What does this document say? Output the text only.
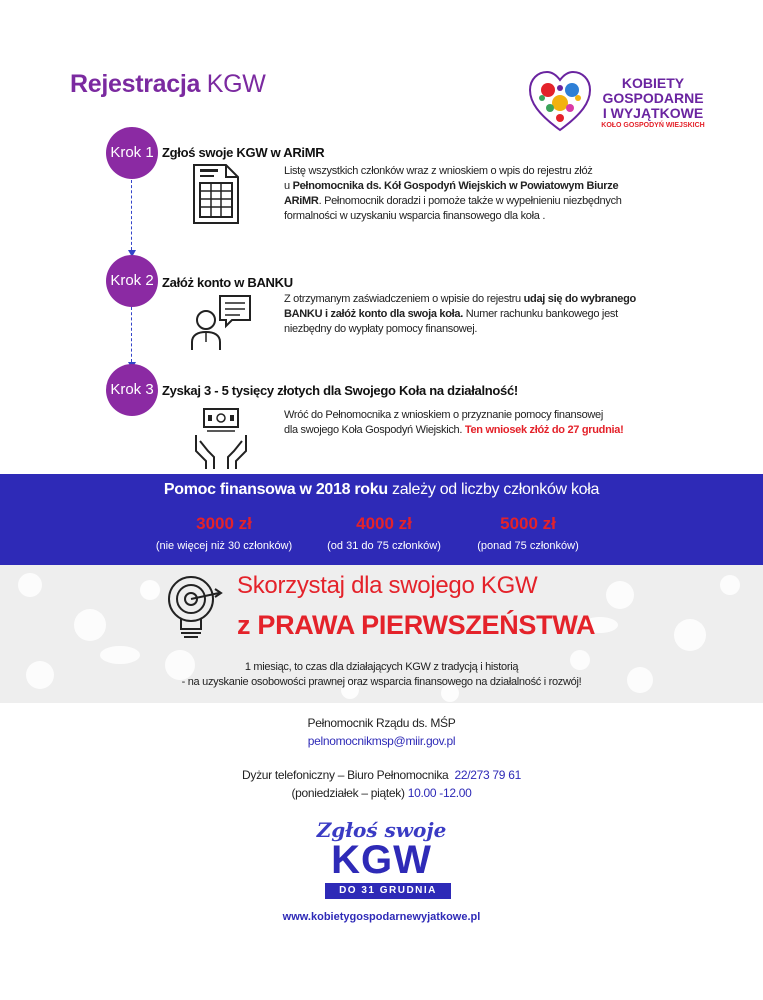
Rejestracja KGW	KOBIETY
GOSPODARNE
I WYJĄTKOWE
KOŁO GOSPODYŃ WIEJSKICH
Krok 1 Zgłoś swoje KGW w ARiMR
Listę wszystkich członków wraz z wnioskiem o wpis do rejestru złóż
u Pełnomocnika ds. Kół Gospodyń Wiejskich w Powiatowym Biurze
ARiMR. Pełnomocnik doradzi i pomoże także w wypełnieniu niezbędnych
formalności w uzyskaniu wsparcia finansowego dla koła .
Krok 2 Załóż konto w BANKU
Z otrzymanym zaświadczeniem o wpisie do rejestru udaj się do wybranego
BANKU i załóż konto dla swoja koła. Numer rachunku bankowego jest
niezbędny do wypłaty pomocy finansowej.
Krok 3 Zyskaj 3 - 5 tysięcy złotych dla Swojego Koła na działalność!
Wróć do Pełnomocnika z wnioskiem o przyznanie pomocy finansowej
dla swojego Koła Gospodyń Wiejskich. Ten wniosek złóż do 27 grudnia!
Pomoc finansowa w 2018 roku zależy od liczby członków koła
3000 zł
(nie więcej niż 30 członków)
4000 zł
(od 31 do 75 członków)
5000 zł
(ponad 75 członków)
Skorzystaj dla swojego KGW
z PRAWA PIERWSZEŃSTWA
1 miesiąc, to czas dla działających KGW z tradycją i historią
- na uzyskanie osobowości prawnej oraz wsparcia finansowego na działalność i rozwój!
Pełnomocnik Rządu ds. MŚP
pelnomocnikmsp@miir.gov.pl
Dyżur telefoniczny – Biuro Pełnomocnika 22/273 79 61
(poniedziałek – piątek) 10.00 -12.00
Zgłoś swoje
KGW
DO 31 GRUDNIA
www.kobietygospodarnewyjatkowe.pl
